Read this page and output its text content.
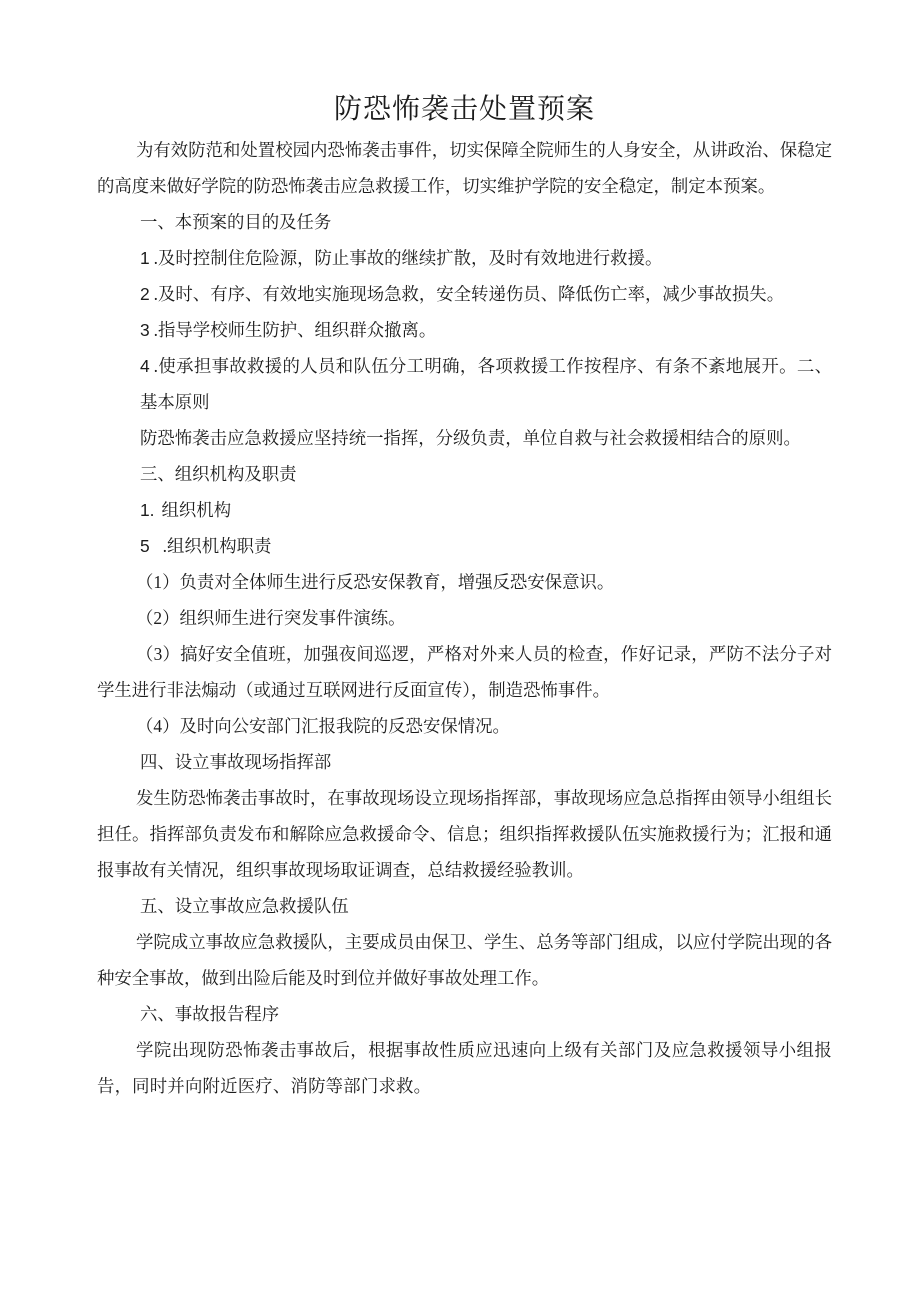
防恐怖袭击处置预案

为有效防范和处置校园内恐怖袭击事件，切实保障全院师生的人身安全，从讲政治、保稳定的高度来做好学院的防恐怖袭击应急救援工作，切实维护学院的安全稳定，制定本预案。

一、本预案的目的及任务

1 .及时控制住危险源，防止事故的继续扩散，及时有效地进行救援。

2 .及时、有序、有效地实施现场急救，安全转递伤员、降低伤亡率，减少事故损失。

3 .指导学校师生防护、组织群众撤离。

4 .使承担事故救援的人员和队伍分工明确，各项救援工作按程序、有条不紊地展开。二、基本原则

防恐怖袭击应急救援应坚持统一指挥，分级负责，单位自救与社会救援相结合的原则。

三、组织机构及职责

1. 组织机构

5 .组织机构职责

（1）负责对全体师生进行反恐安保教育，增强反恐安保意识。

（2）组织师生进行突发事件演练。

（3）搞好安全值班，加强夜间巡逻，严格对外来人员的检查，作好记录，严防不法分子对学生进行非法煽动（或通过互联网进行反面宣传），制造恐怖事件。

（4）及时向公安部门汇报我院的反恐安保情况。

四、设立事故现场指挥部

发生防恐怖袭击事故时，在事故现场设立现场指挥部，事故现场应急总指挥由领导小组组长担任。指挥部负责发布和解除应急救援命令、信息；组织指挥救援队伍实施救援行为；汇报和通报事故有关情况，组织事故现场取证调查，总结救援经验教训。

五、设立事故应急救援队伍

学院成立事故应急救援队，主要成员由保卫、学生、总务等部门组成，以应付学院出现的各种安全事故，做到出险后能及时到位并做好事故处理工作。

六、事故报告程序

学院出现防恐怖袭击事故后，根据事故性质应迅速向上级有关部门及应急救援领导小组报告，同时并向附近医疗、消防等部门求救。
